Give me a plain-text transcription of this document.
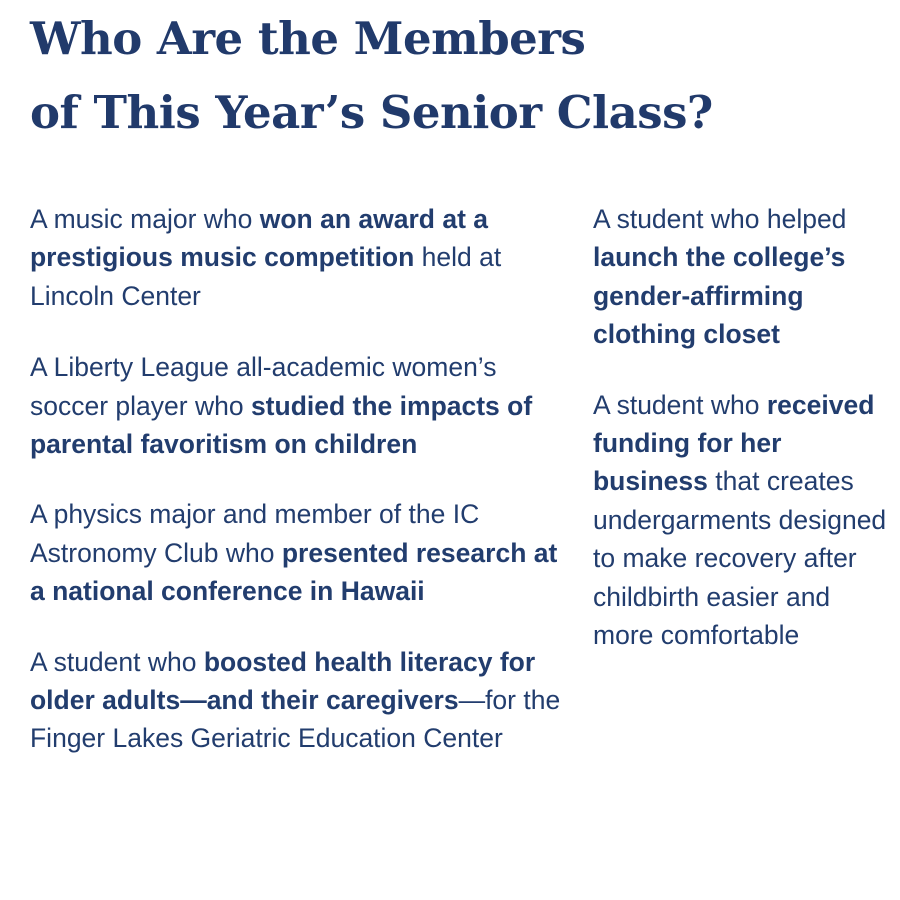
Who Are the Members
of This Year’s Senior Class?

A music major who won an award at a prestigious music competition held at Lincoln Center

A Liberty League all-academic women’s soccer player who studied the impacts of parental favoritism on children

A physics major and member of the IC Astronomy Club who presented research at a national conference in Hawaii

A student who boosted health literacy for older adults—and their caregivers—for the Finger Lakes Geriatric Education Center

A student who helped launch the college’s gender-affirming clothing closet

A student who received funding for her business that creates undergarments designed to make recovery after childbirth easier and more comfortable
